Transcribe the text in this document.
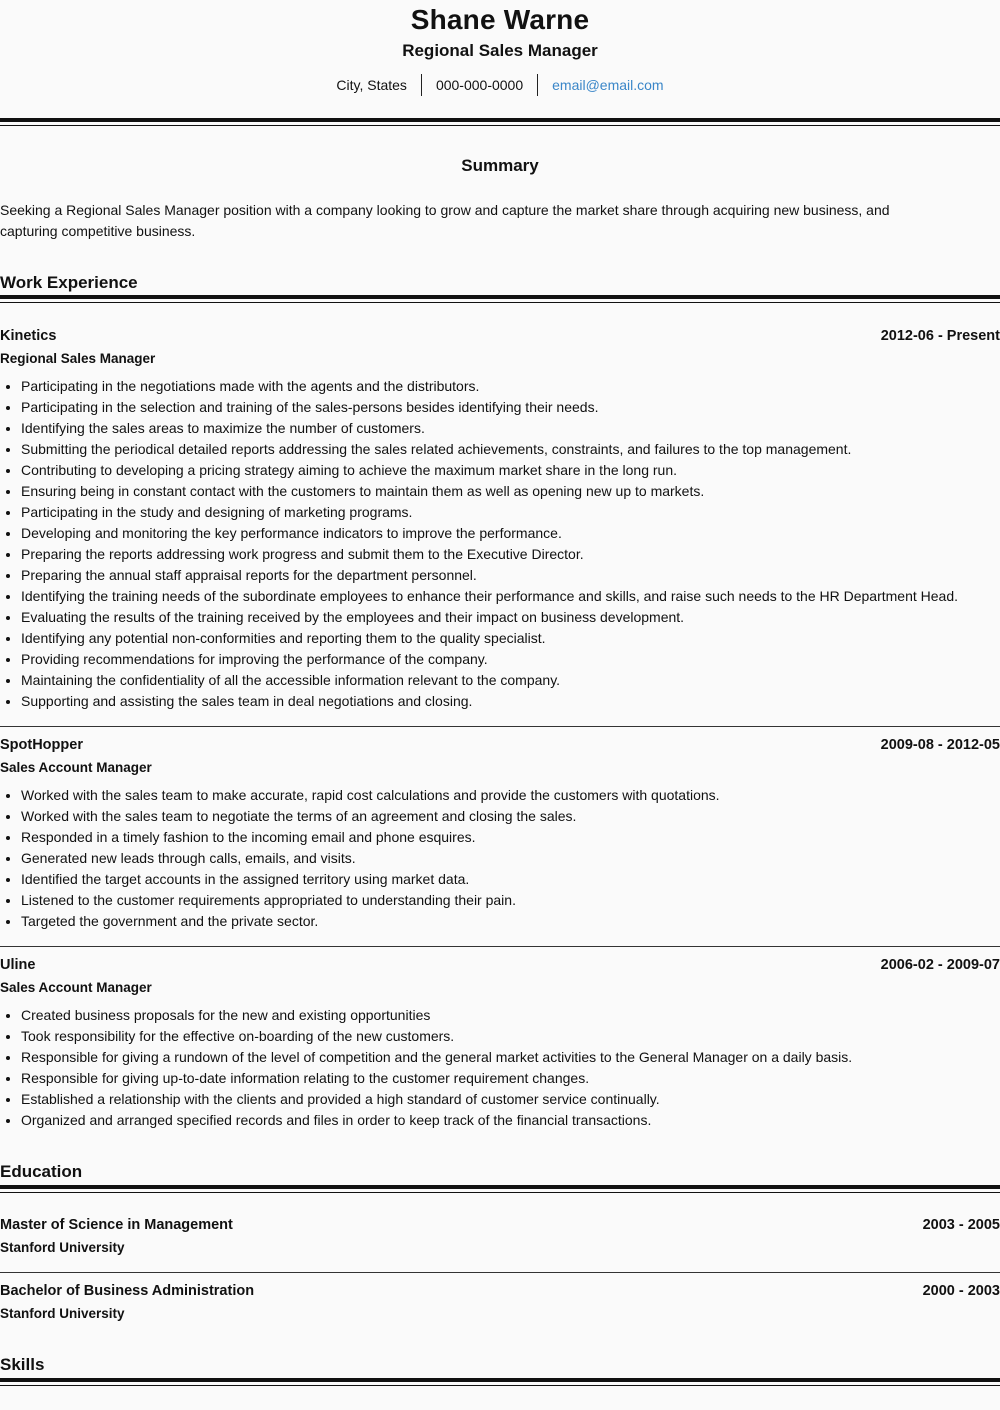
Shane Warne
Regional Sales Manager
City, States	000-000-0000	email@email.com
Summary
Seeking a Regional Sales Manager position with a company looking to grow and capture the market share through acquiring new business, and capturing competitive business.
Work Experience
Kinetics	2012-06 - Present
Regional Sales Manager
Participating in the negotiations made with the agents and the distributors.
Participating in the selection and training of the sales-persons besides identifying their needs.
Identifying the sales areas to maximize the number of customers.
Submitting the periodical detailed reports addressing the sales related achievements, constraints, and failures to the top management.
Contributing to developing a pricing strategy aiming to achieve the maximum market share in the long run.
Ensuring being in constant contact with the customers to maintain them as well as opening new up to markets.
Participating in the study and designing of marketing programs.
Developing and monitoring the key performance indicators to improve the performance.
Preparing the reports addressing work progress and submit them to the Executive Director.
Preparing the annual staff appraisal reports for the department personnel.
Identifying the training needs of the subordinate employees to enhance their performance and skills, and raise such needs to the HR Department Head.
Evaluating the results of the training received by the employees and their impact on business development.
Identifying any potential non-conformities and reporting them to the quality specialist.
Providing recommendations for improving the performance of the company.
Maintaining the confidentiality of all the accessible information relevant to the company.
Supporting and assisting the sales team in deal negotiations and closing.
SpotHopper	2009-08 - 2012-05
Sales Account Manager
Worked with the sales team to make accurate, rapid cost calculations and provide the customers with quotations.
Worked with the sales team to negotiate the terms of an agreement and closing the sales.
Responded in a timely fashion to the incoming email and phone esquires.
Generated new leads through calls, emails, and visits.
Identified the target accounts in the assigned territory using market data.
Listened to the customer requirements appropriated to understanding their pain.
Targeted the government and the private sector.
Uline	2006-02 - 2009-07
Sales Account Manager
Created business proposals for the new and existing opportunities
Took responsibility for the effective on-boarding of the new customers.
Responsible for giving a rundown of the level of competition and the general market activities to the General Manager on a daily basis.
Responsible for giving up-to-date information relating to the customer requirement changes.
Established a relationship with the clients and provided a high standard of customer service continually.
Organized and arranged specified records and files in order to keep track of the financial transactions.
Education
Master of Science in Management	2003 - 2005
Stanford University
Bachelor of Business Administration	2000 - 2003
Stanford University
Skills
